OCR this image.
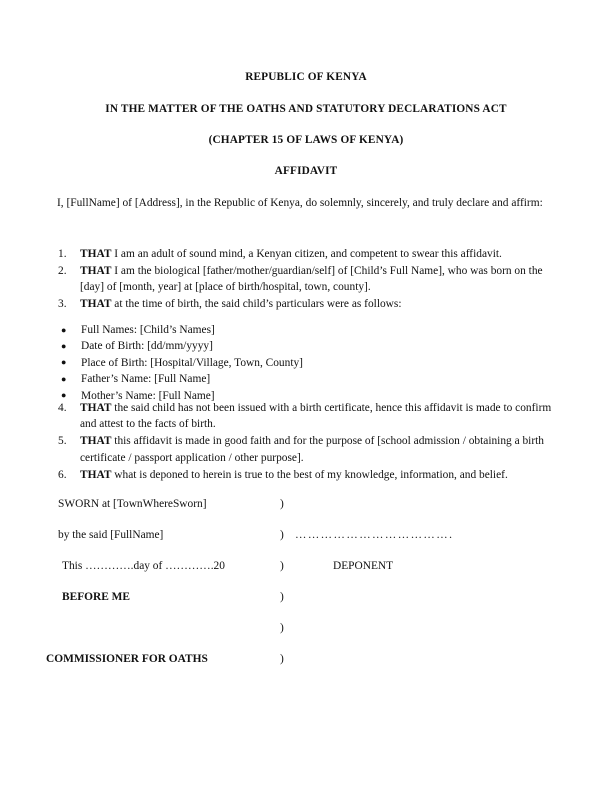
REPUBLIC OF KENYA
IN THE MATTER OF THE OATHS AND STATUTORY DECLARATIONS ACT
(CHAPTER 15 OF LAWS OF KENYA)
AFFIDAVIT
I, [FullName] of [Address], in the Republic of Kenya, do solemnly, sincerely, and truly declare and affirm:
1.	THAT I am an adult of sound mind, a Kenyan citizen, and competent to swear this affidavit.
2.	THAT I am the biological [father/mother/guardian/self] of [Child’s Full Name], who was born on the [day] of [month, year] at [place of birth/hospital, town, county].
3.	THAT at the time of birth, the said child’s particulars were as follows:
● Full Names: [Child’s Names]
● Date of Birth: [dd/mm/yyyy]
● Place of Birth: [Hospital/Village, Town, County]
● Father’s Name: [Full Name]
● Mother’s Name: [Full Name]
4.	THAT the said child has not been issued with a birth certificate, hence this affidavit is made to confirm and attest to the facts of birth.
5.	THAT this affidavit is made in good faith and for the purpose of [school admission / obtaining a birth certificate / passport application / other purpose].
6.	THAT what is deponed to herein is true to the best of my knowledge, information, and belief.
SWORN at [TownWhereSworn]	)
by the said [FullName]	) ……………………………….
This ………….day of ………….20	)	DEPONENT
BEFORE ME	)
)
COMMISSIONER FOR OATHS	)
